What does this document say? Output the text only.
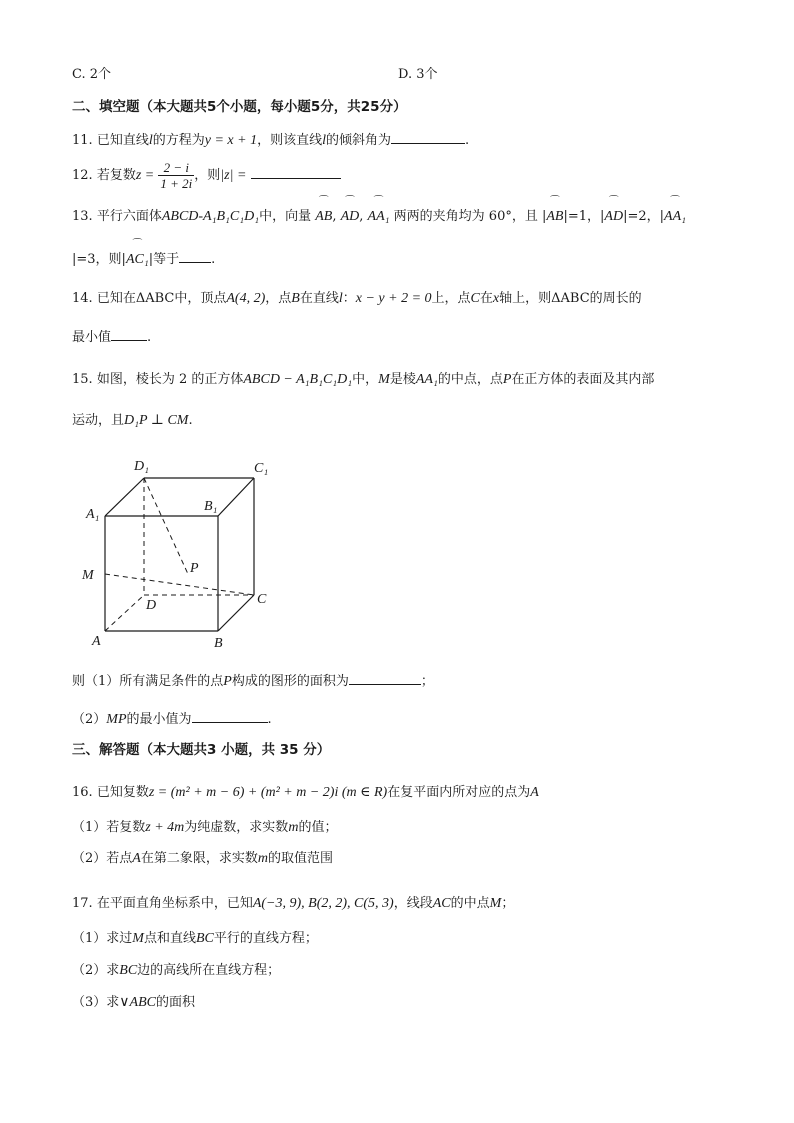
C. 2个	D. 3个
二、填空题（本大题共5个小题，每小题5分，共25分）
11. 已知直线l的方程为y = x + 1，则该直线l的倾斜角为	.
12. 若复数$z = \frac{2 - i}{1 + 2i}$ ，则|z| =
13. 平行六面体ABCD-A₁B₁C₁D₁中，向量 ⌒ AB, ⌒ AD, ⌒ AA₁ 两两的夹角均为 60°，且 |⌒ AB|=1，|⌒ AD|=2，|⌒ AA₁
|=3，则|⌒ AC₁|等于 .
14. 已知在ΔABC中，顶点A(4, 2)，点B在直线l：x − y + 2 = 0上，点C在x轴上，则ΔABC的周长的
最小值	.
15. 如图，棱长为 2 的正方体ABCD − A₁B₁C₁D₁中，M是棱AA₁的中点，点P在正方体的表面及其内部
运动，且D₁P ⊥ CM.
D₁	C₁
A₁
B₁
M	P
D	C
A	B
则（1）所有满足条件的点P构成的图形的面积为	；
（2）MP的最小值为	.
三、解答题（本大题共3 小题，共 35 分）
16. 已知复数z = (m² + m − 6) + (m² + m − 2)i (m ∈ R)在复平面内所对应的点为A
（1）若复数z + 4m为纯虚数，求实数m的值；
（2）若点A在第二象限，求实数m的取值范围
17. 在平面直角坐标系中，已知A(−3, 9), B(2, 2), C(5, 3)，线段AC的中点M；
（1）求过M点和直线BC平行的直线方程；
（2）求BC边的高线所在直线方程；
（3）求∨ABC的面积
